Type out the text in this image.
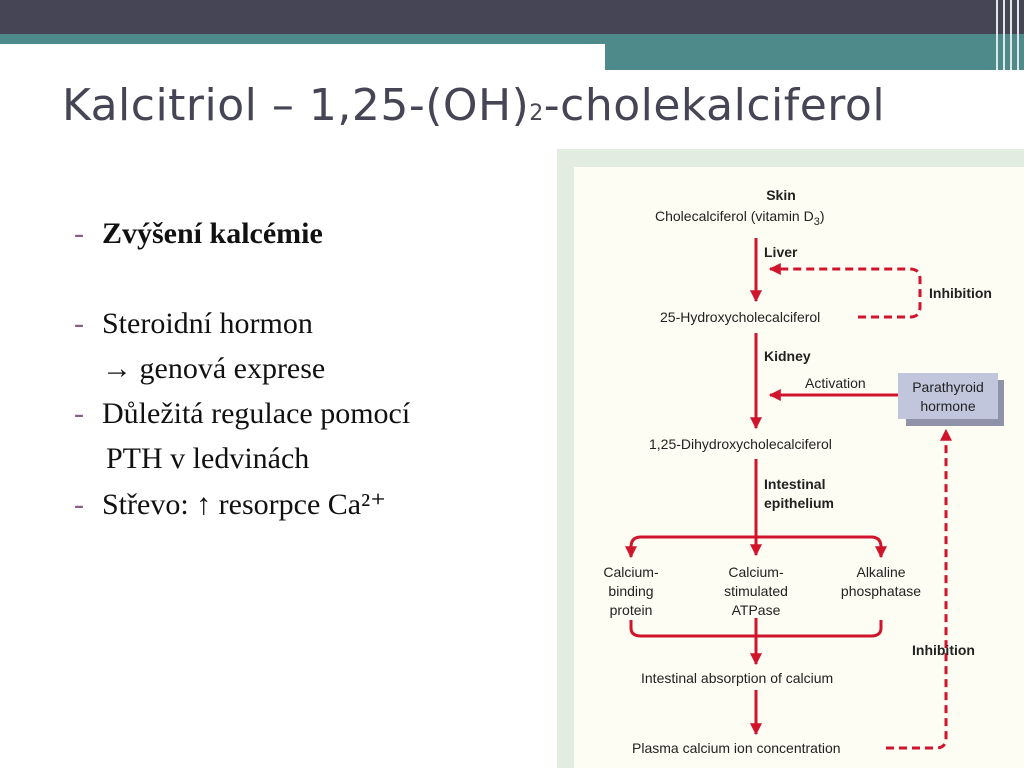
Kalcitriol – 1,25-(OH)2-cholekalciferol
- Zvýšení kalcémie
- Steroidní hormon
→ genová exprese
- Důležitá regulace pomocí
PTH v ledvinách
- Střevo: ↑ resorpce Ca²⁺
Skin
Cholecalciferol (vitamin $D_3$)
Liver
Inhibition
25-Hydroxycholecalciferol
Kidney
Activation	Parathyroid
hormone
1,25-Dihydroxycholecalciferol
Intestinal
epithelium
Calcium-
binding
protein
Calcium-
stimulated
ATPase
Alkaline
phosphatase
Inhibition
Intestinal absorption of calcium
Plasma calcium ion concentration
